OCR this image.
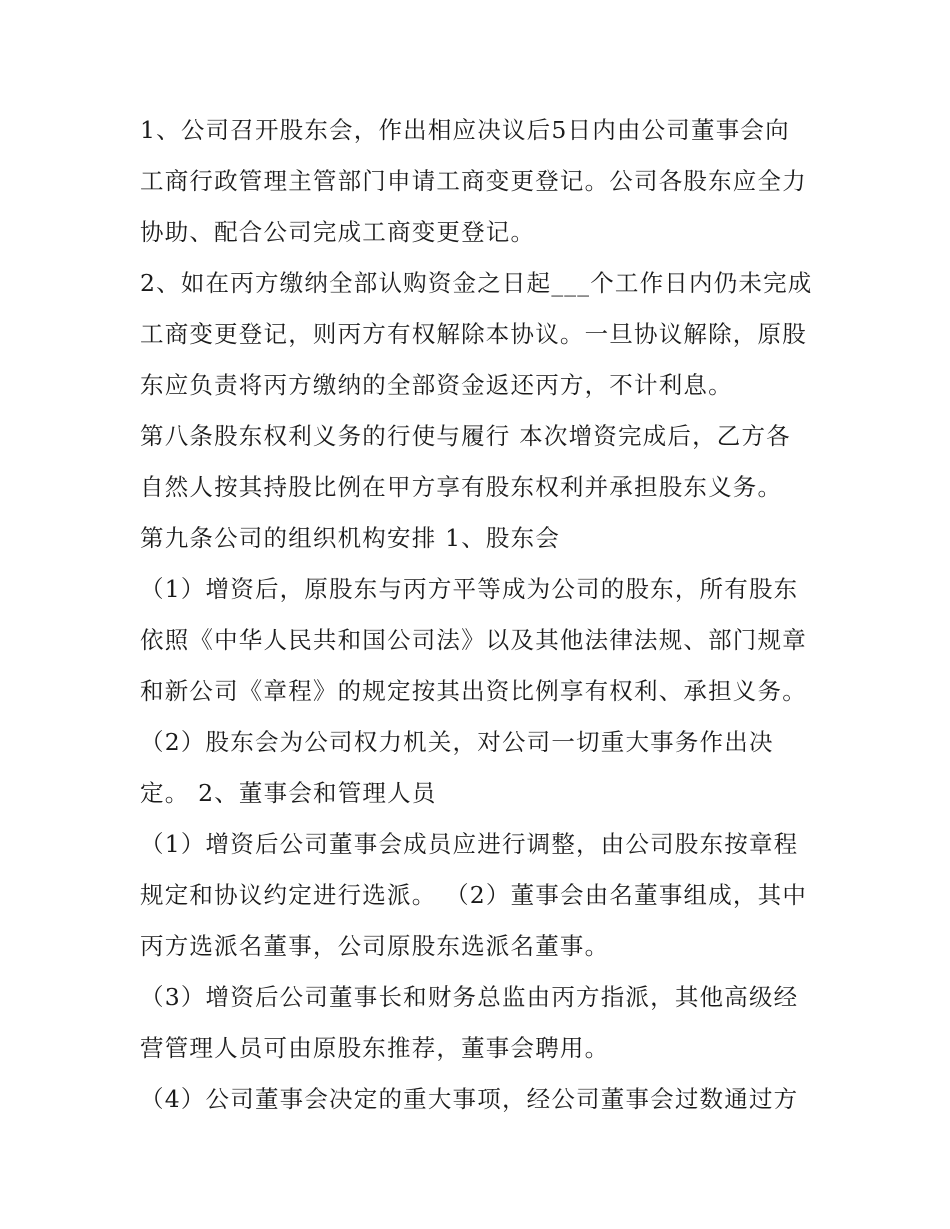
1、公司召开股东会，作出相应决议后5日内由公司董事会向
工商行政管理主管部门申请工商变更登记。公司各股东应全力
协助、配合公司完成工商变更登记。
2、如在丙方缴纳全部认购资金之日起___个工作日内仍未完成
工商变更登记，则丙方有权解除本协议。一旦协议解除，原股
东应负责将丙方缴纳的全部资金返还丙方，不计利息。
第八条股东权利义务的行使与履行 本次增资完成后，乙方各
自然人按其持股比例在甲方享有股东权利并承担股东义务。
第九条公司的组织机构安排 1、股东会
（1）增资后，原股东与丙方平等成为公司的股东，所有股东
依照《中华人民共和国公司法》以及其他法律法规、部门规章
和新公司《章程》的规定按其出资比例享有权利、承担义务。
（2）股东会为公司权力机关，对公司一切重大事务作出决
定。 2、董事会和管理人员
（1）增资后公司董事会成员应进行调整，由公司股东按章程
规定和协议约定进行选派。 （2）董事会由名董事组成，其中
丙方选派名董事，公司原股东选派名董事。
（3）增资后公司董事长和财务总监由丙方指派，其他高级经
营管理人员可由原股东推荐，董事会聘用。
（4）公司董事会决定的重大事项，经公司董事会过数通过方
